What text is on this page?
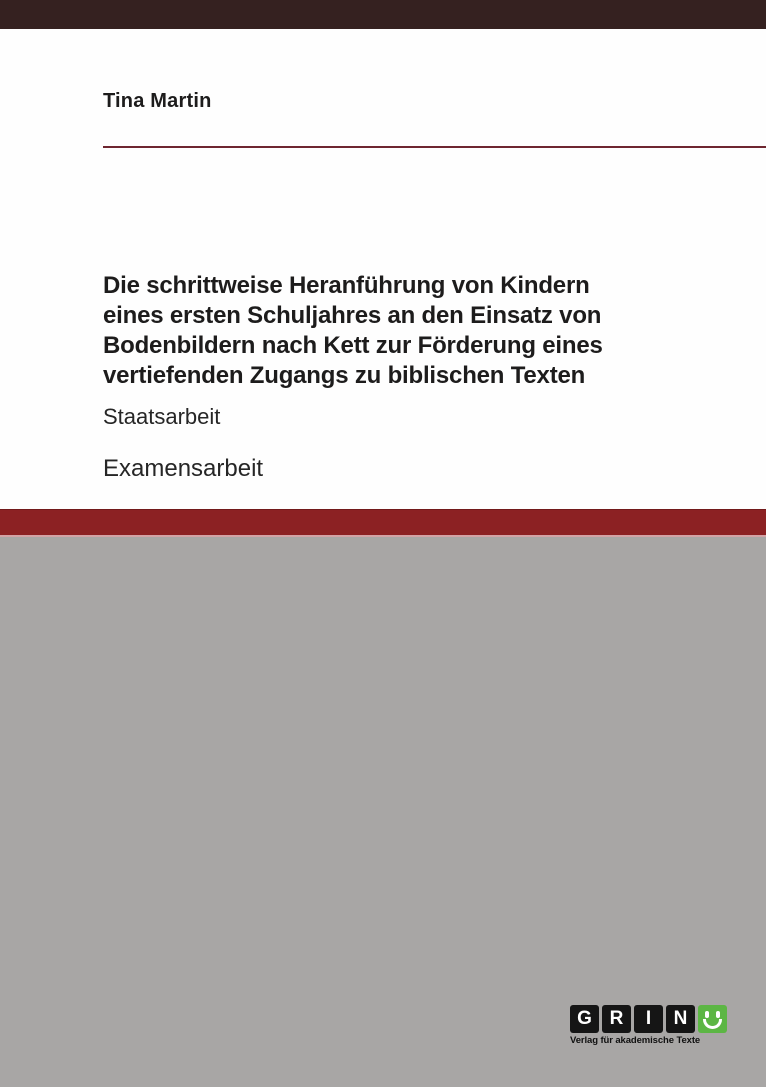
Tina Martin
Die schrittweise Heranführung von Kindern
eines ersten Schuljahres an den Einsatz von
Bodenbildern nach Kett zur Förderung eines
vertiefenden Zugangs zu biblischen Texten
Staatsarbeit
Examensarbeit
G R	I	N
Verlag für akademische Texte
